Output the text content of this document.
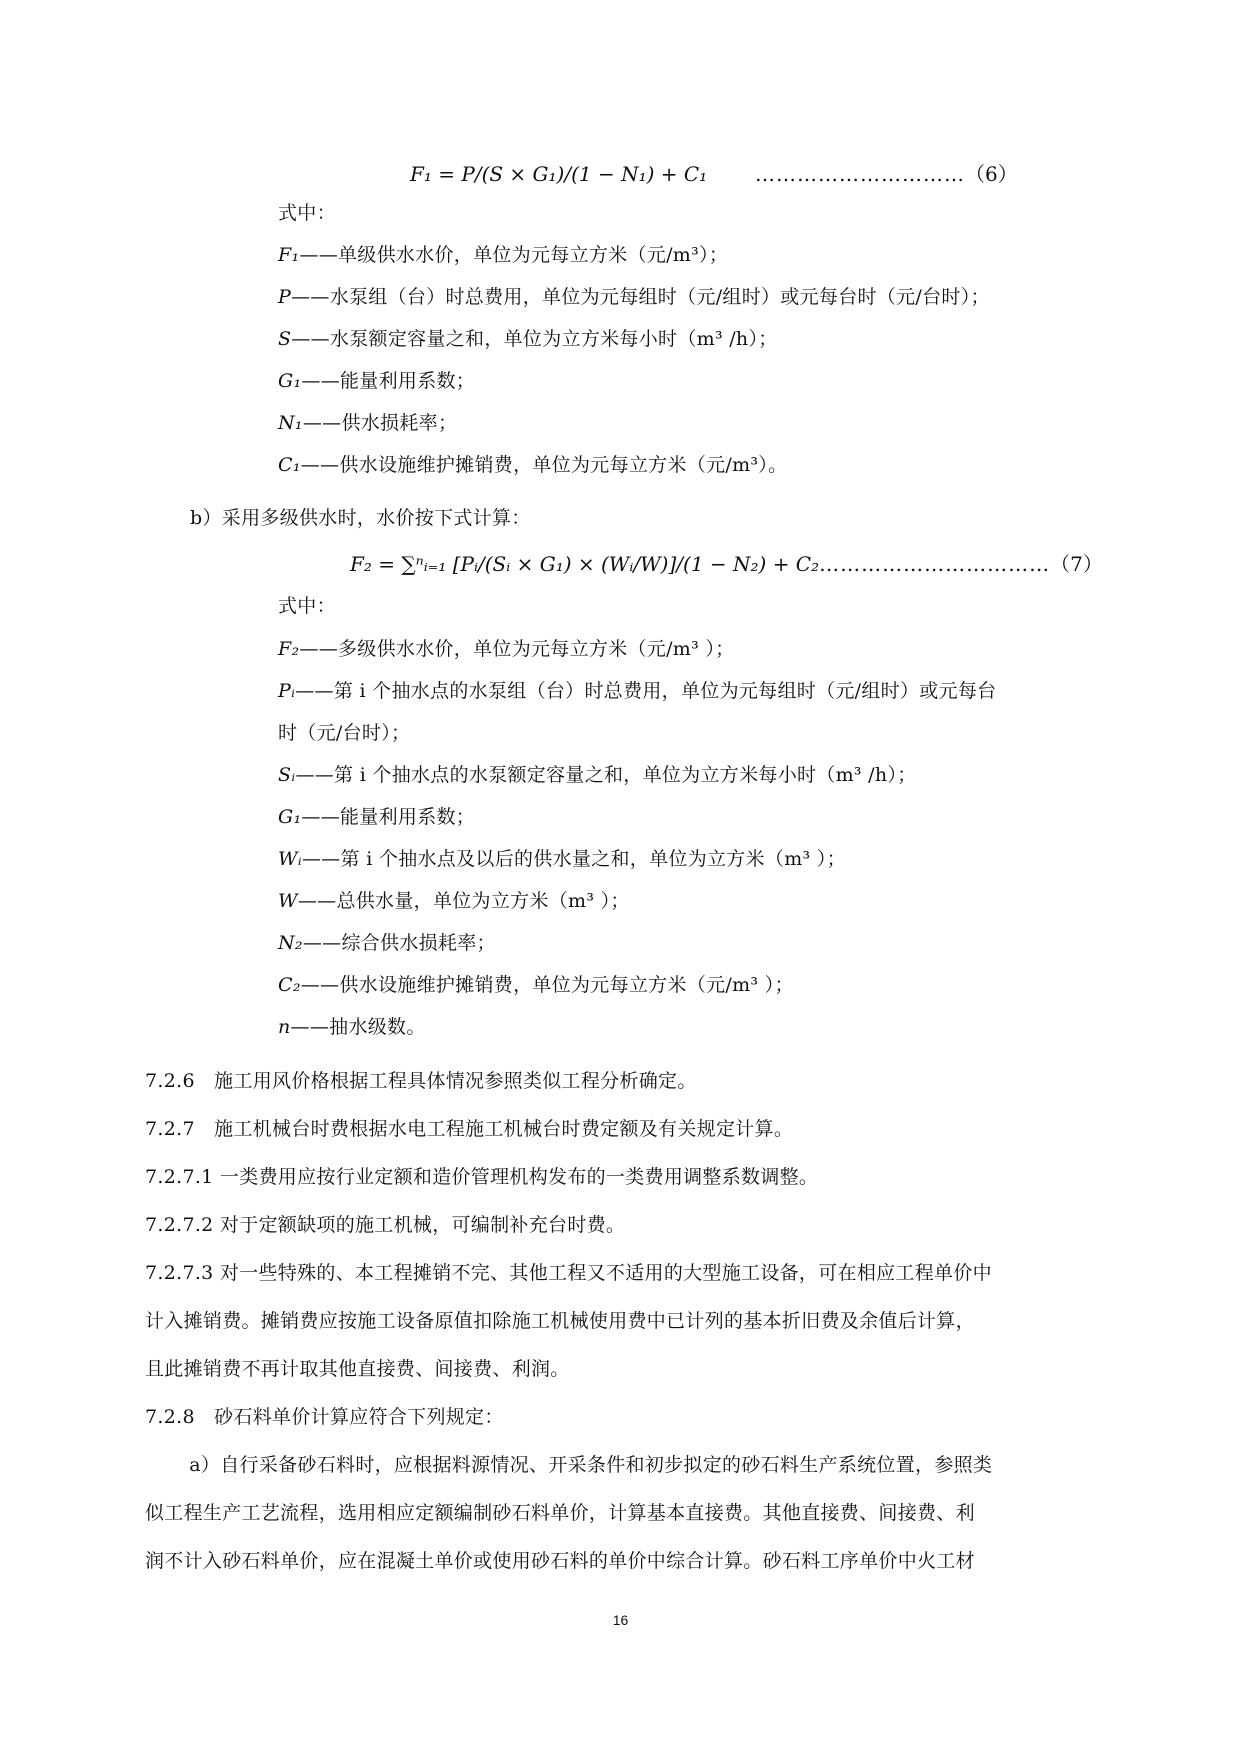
F₁ = P/(S × G₁)/(1 − N₁) + C₁ …………………………（6）
式中：
F₁——单级供水水价，单位为元每立方米（元/m³）；
P——水泵组（台）时总费用，单位为元每组时（元/组时）或元每台时（元/台时）；
S——水泵额定容量之和，单位为立方米每小时（m³ /h）；
G₁——能量利用系数；
N₁——供水损耗率；
C₁——供水设施维护摊销费，单位为元每立方米（元/m³）。
b）采用多级供水时，水价按下式计算：
F₂ = ∑ⁿᵢ₌₁ [Pᵢ/(Sᵢ × G₁) × (Wᵢ/W)]/(1 − N₂) + C₂……………………………（7）
式中：
F₂——多级供水水价，单位为元每立方米（元/m³ ）；
Pᵢ——第 i 个抽水点的水泵组（台）时总费用，单位为元每组时（元/组时）或元每台
时（元/台时）；
Sᵢ——第 i 个抽水点的水泵额定容量之和，单位为立方米每小时（m³ /h）；
G₁——能量利用系数；
Wᵢ——第 i 个抽水点及以后的供水量之和，单位为立方米（m³ ）；
W——总供水量，单位为立方米（m³ ）；
N₂——综合供水损耗率；
C₂——供水设施维护摊销费，单位为元每立方米（元/m³ ）；
n——抽水级数。
7.2.6　施工用风价格根据工程具体情况参照类似工程分析确定。
7.2.7　施工机械台时费根据水电工程施工机械台时费定额及有关规定计算。
7.2.7.1 一类费用应按行业定额和造价管理机构发布的一类费用调整系数调整。
7.2.7.2 对于定额缺项的施工机械，可编制补充台时费。
7.2.7.3 对一些特殊的、本工程摊销不完、其他工程又不适用的大型施工设备，可在相应工程单价中
计入摊销费。摊销费应按施工设备原值扣除施工机械使用费中已计列的基本折旧费及余值后计算，
且此摊销费不再计取其他直接费、间接费、利润。
7.2.8　砂石料单价计算应符合下列规定：
　a）自行采备砂石料时，应根据料源情况、开采条件和初步拟定的砂石料生产系统位置，参照类
似工程生产工艺流程，选用相应定额编制砂石料单价，计算基本直接费。其他直接费、间接费、利
润不计入砂石料单价，应在混凝土单价或使用砂石料的单价中综合计算。砂石料工序单价中火工材
16
